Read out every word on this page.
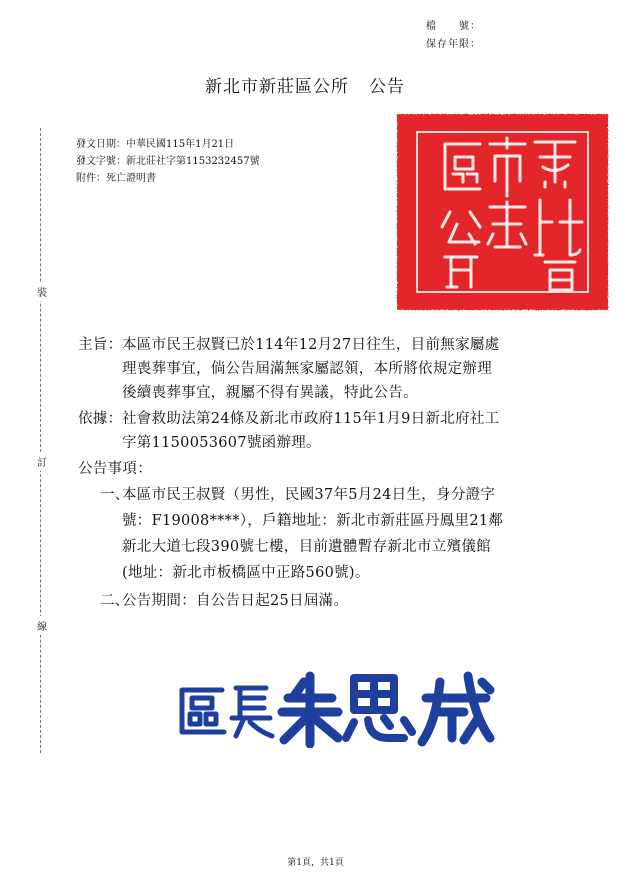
檔　　號：
保存年限：
新北市新莊區公所 公告
發文日期：中華民國115年1月21日
發文字號：新北莊社字第1153232457號
附件：死亡證明書
裝
訂
線
主旨： 本區市民王叔賢已於114年12月27日往生，目前無家屬處
理喪葬事宜，倘公告屆滿無家屬認領，本所將依規定辦理
後續喪葬事宜，親屬不得有異議，特此公告。
依據： 社會救助法第24條及新北市政府115年1月9日新北府社工
字第1150053607號函辦理。
公告事項：
一、
本區市民王叔賢（男性，民國37年5月24日生，身分證字
號：F19008****），戶籍地址：新北市新莊區丹鳳里21鄰
新北大道七段390號七樓，目前遺體暫存新北市立殯儀館
(地址：新北市板橋區中正路560號)。
二、
公告期間：自公告日起25日屆滿。
第1頁，共1頁
